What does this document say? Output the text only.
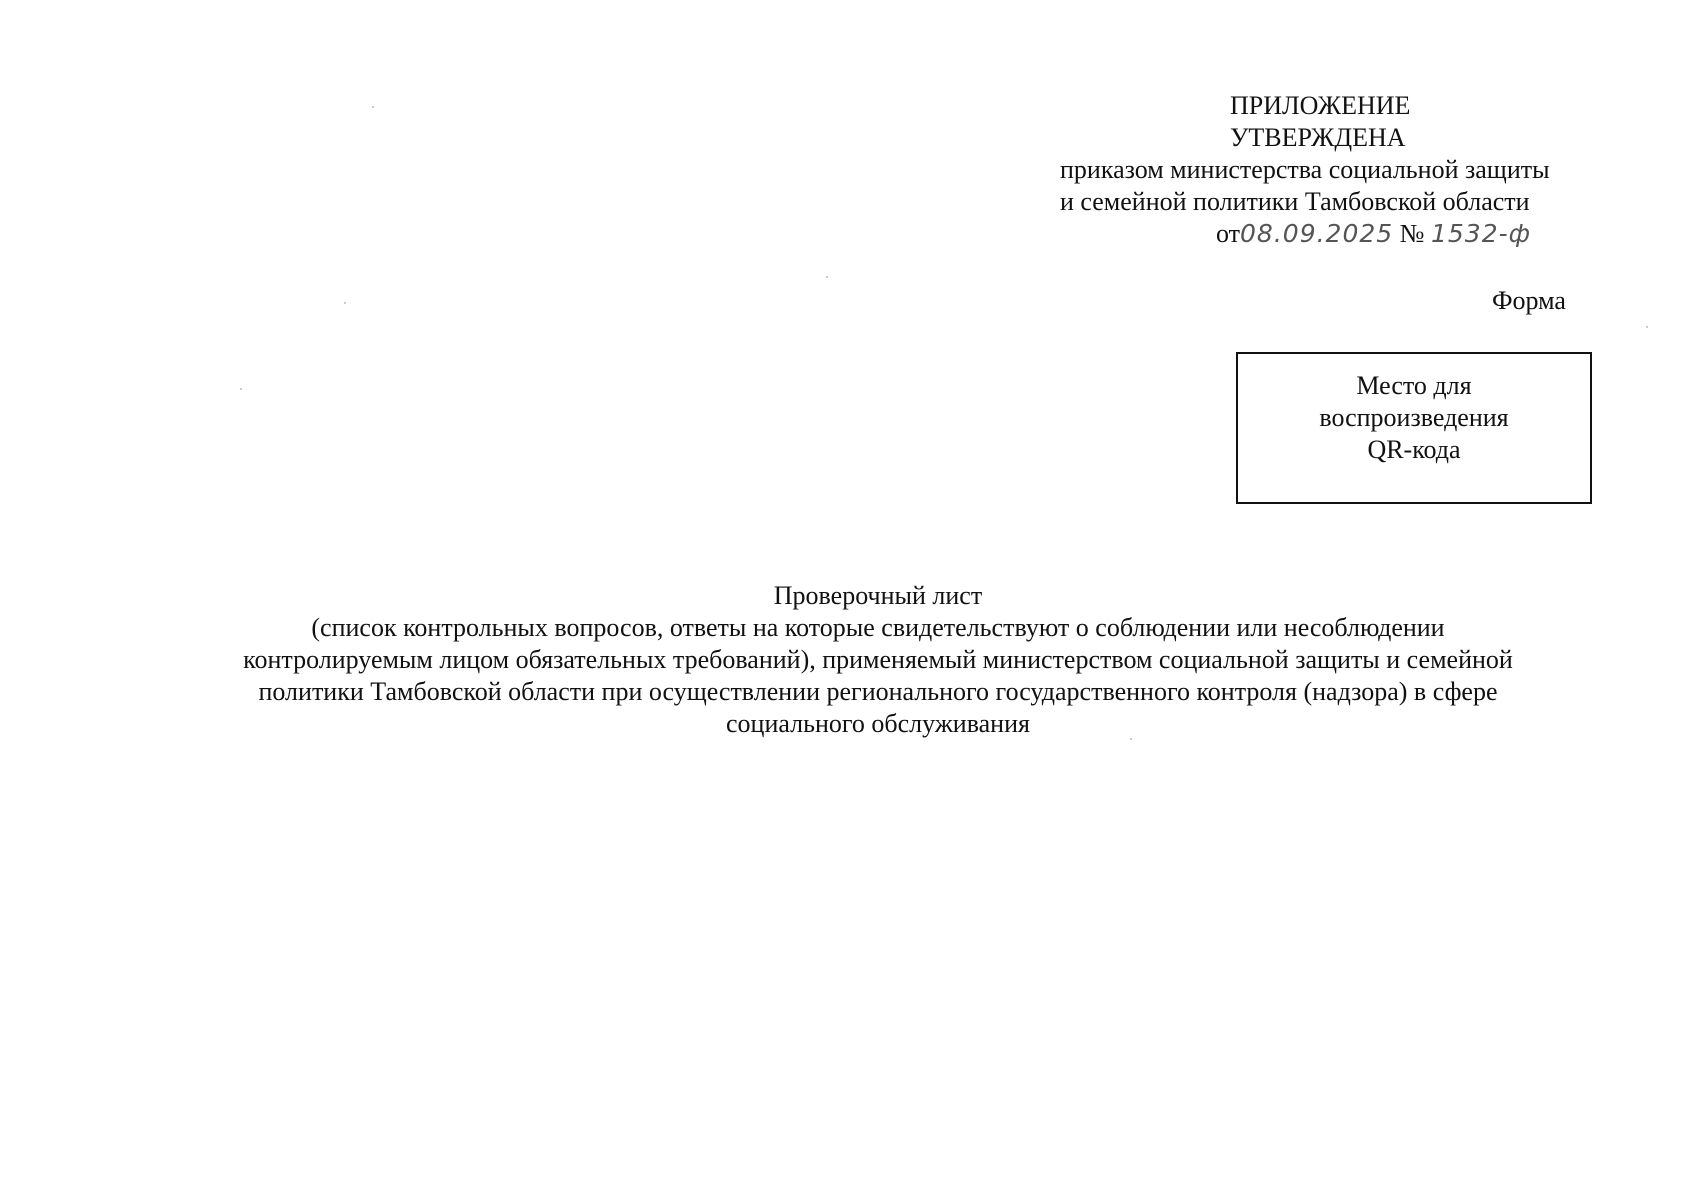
ПРИЛОЖЕНИЕ
УТВЕРЖДЕНА
приказом министерства социальной защиты
и семейной политики Тамбовской области
от08.09.2025 № 1532-ф
Форма
Место для
воспроизведения
QR-кода
Проверочный лист
(список контрольных вопросов, ответы на которые свидетельствуют о соблюдении или несоблюдении
контролируемым лицом обязательных требований), применяемый министерством социальной защиты и семейной
политики Тамбовской области при осуществлении регионального государственного контроля (надзора) в сфере
социального обслуживания
